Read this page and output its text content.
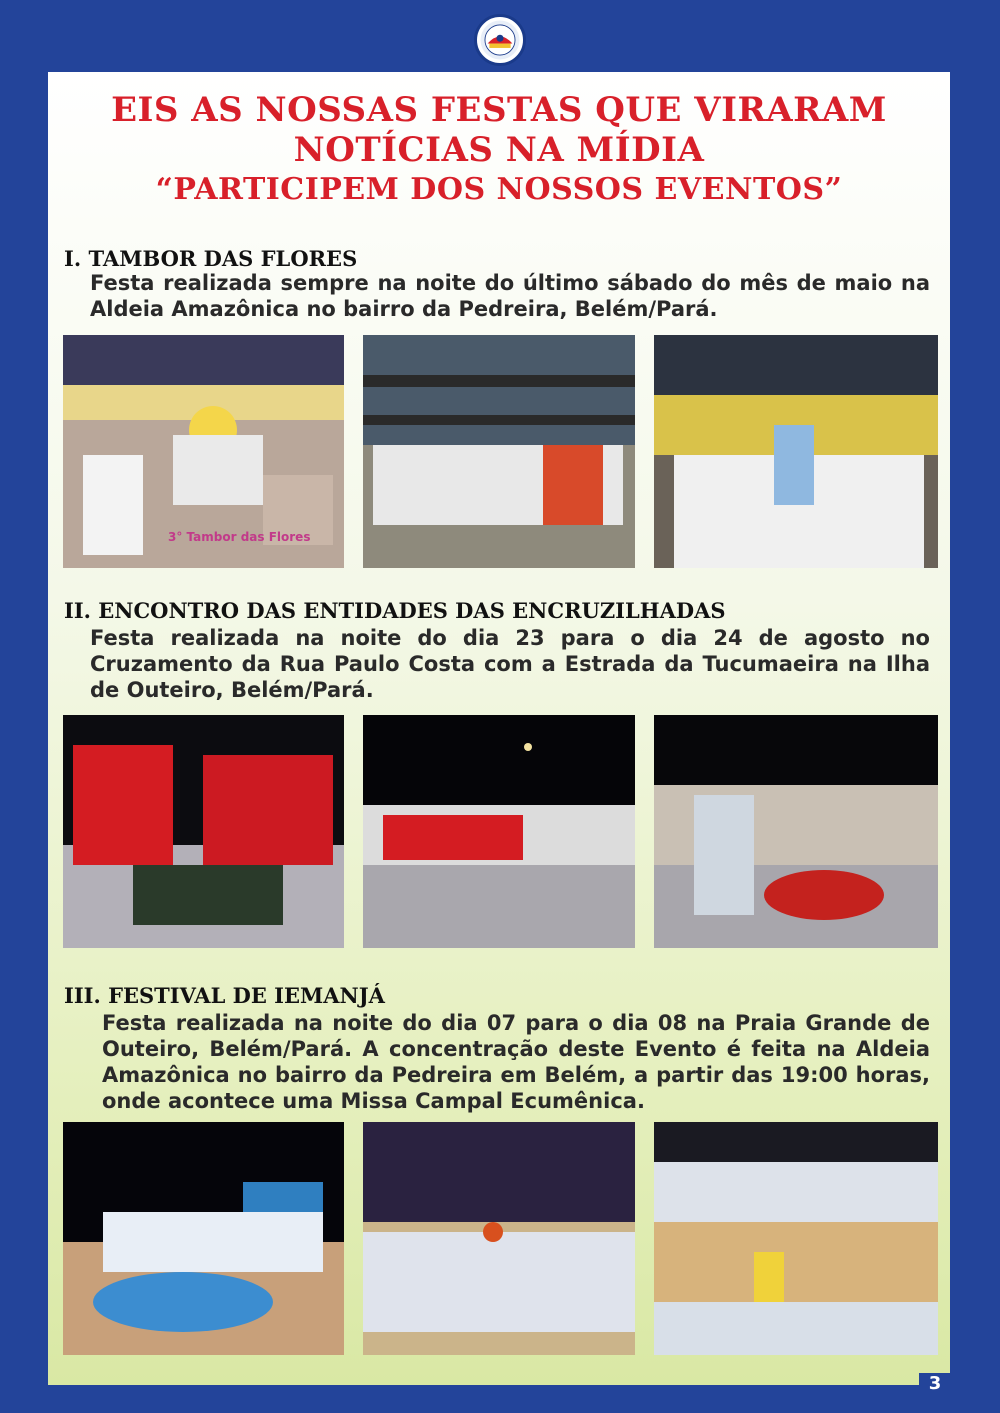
EIS AS NOSSAS FESTAS QUE VIRARAM
NOTÍCIAS NA MÍDIA
“PARTICIPEM DOS NOSSOS EVENTOS”
I. TAMBOR DAS FLORES

Festa realizada sempre na noite do último sábado do mês de maio na Aldeia Amazônica no bairro da Pedreira, Belém/Pará.

3° Tambor das Flores
II. ENCONTRO DAS ENTIDADES DAS ENCRUZILHADAS

Festa realizada na noite do dia 23 para o dia 24 de agosto no Cruzamento da Rua Paulo Costa com a Estrada da Tucumaeira na Ilha de Outeiro, Belém/Pará.

III. FESTIVAL DE IEMANJÁ

Festa realizada na noite do dia 07 para o dia 08 na Praia Grande de Outeiro, Belém/Pará. A concentração deste Evento é feita na Aldeia Amazônica no bairro da Pedreira em Belém, a partir das 19:00 horas, onde acontece uma Missa Campal Ecumênica.

3
